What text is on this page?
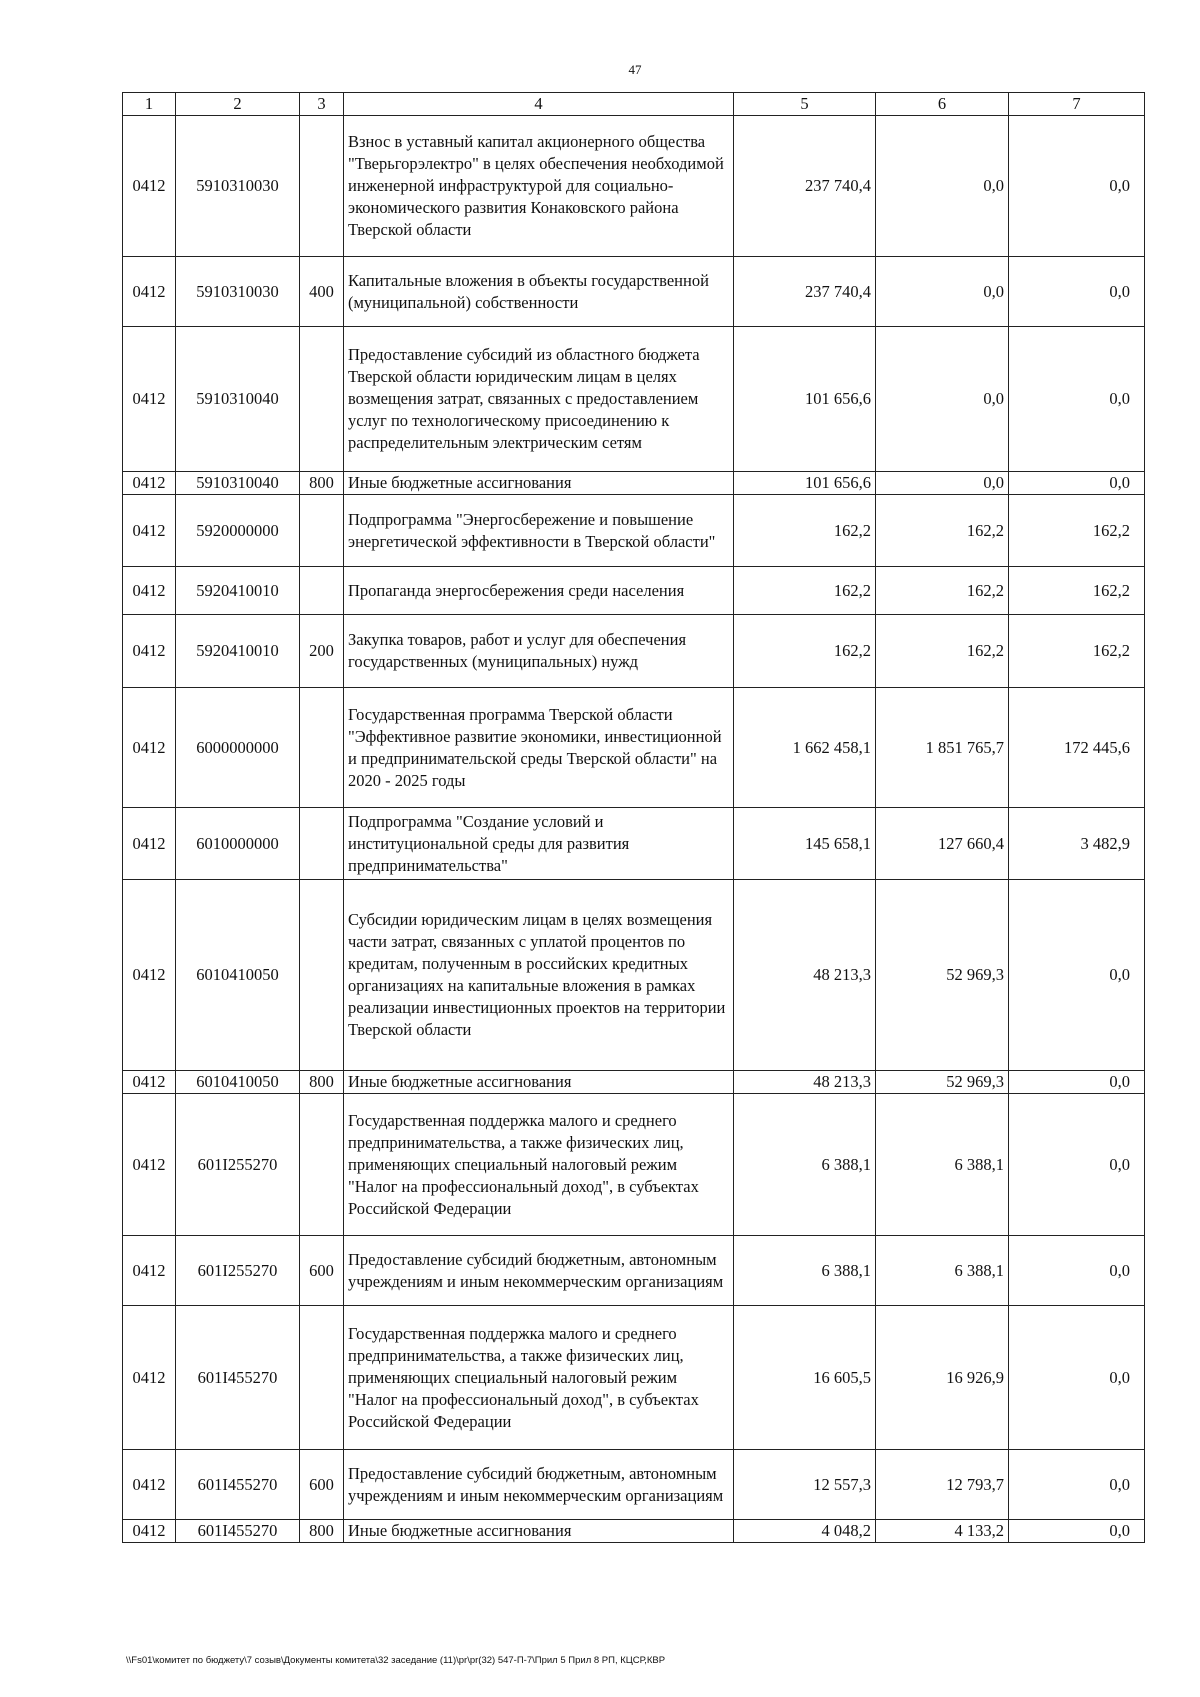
47
1	2	3	4	5	6	7
0412	5910310030		Взнос в уставный капитал акционерного общества "Тверьгорэлектро" в целях обеспечения необходимой инженерной инфраструктурой для социально-экономического развития Конаковского района Тверской области	237 740,4	0,0	0,0
0412	5910310030	400	Капитальные вложения в объекты государственной (муниципальной) собственности	237 740,4	0,0	0,0
0412	5910310040		Предоставление субсидий из областного бюджета Тверской области юридическим лицам в целях возмещения затрат, связанных с предоставлением услуг по технологическому присоединению к распределительным электрическим сетям	101 656,6	0,0	0,0
0412	5910310040	800	Иные бюджетные ассигнования	101 656,6	0,0	0,0
0412	5920000000		Подпрограмма "Энергосбережение и повышение энергетической эффективности в Тверской области"	162,2	162,2	162,2
0412	5920410010		Пропаганда энергосбережения среди населения	162,2	162,2	162,2
0412	5920410010	200	Закупка товаров, работ и услуг для обеспечения государственных (муниципальных) нужд	162,2	162,2	162,2
0412	6000000000		Государственная программа Тверской области "Эффективное развитие экономики, инвестиционной и предпринимательской среды Тверской области" на 2020 - 2025 годы	1 662 458,1	1 851 765,7	172 445,6
0412	6010000000		Подпрограмма "Создание условий и институциональной среды для развития предпринимательства"	145 658,1	127 660,4	3 482,9
0412	6010410050		Субсидии юридическим лицам в целях возмещения части затрат, связанных с уплатой процентов по кредитам, полученным в российских кредитных организациях на капитальные вложения в рамках реализации инвестиционных проектов на территории Тверской области	48 213,3	52 969,3	0,0
0412	6010410050	800	Иные бюджетные ассигнования	48 213,3	52 969,3	0,0
0412	601I255270		Государственная поддержка малого и среднего предпринимательства, а также физических лиц, применяющих специальный налоговый режим "Налог на профессиональный доход", в субъектах Российской Федерации	6 388,1	6 388,1	0,0
0412	601I255270	600	Предоставление субсидий бюджетным, автономным учреждениям и иным некоммерческим организациям	6 388,1	6 388,1	0,0
0412	601I455270		Государственная поддержка малого и среднего предпринимательства, а также физических лиц, применяющих специальный налоговый режим "Налог на профессиональный доход", в субъектах Российской Федерации	16 605,5	16 926,9	0,0
0412	601I455270	600	Предоставление субсидий бюджетным, автономным учреждениям и иным некоммерческим организациям	12 557,3	12 793,7	0,0
0412	601I455270	800	Иные бюджетные ассигнования	4 048,2	4 133,2	0,0
\\Fs01\комитет по бюджету\7 созыв\Документы комитета\32 заседание (11)\pr\pr(32) 547-П-7\Прил 5 Прил 8 РП, КЦСР,КВР
